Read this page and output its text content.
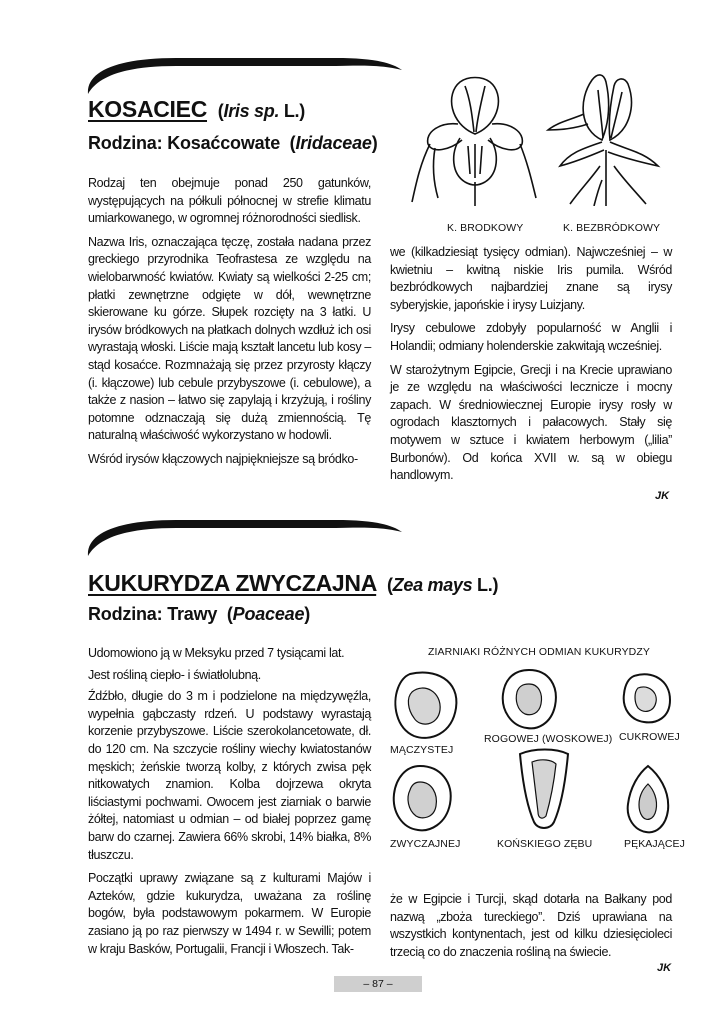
KOSACIEC  (Iris sp. L.)
Rodzina: Kosaćcowate  (Iridaceae)
K. BRODKOWY	K. BEZBRÓDKOWY

Rodzaj ten obejmuje ponad 250 gatunków, występujących na półkuli północnej w strefie klimatu umiarkowanego, w ogromnej różnorodności siedlisk.

Nazwa Iris, oznaczająca tęczę, została nadana przez greckiego przyrodnika Teofrastesa ze względu na wielobarwność kwiatów. Kwiaty są wielkości 2-25 cm; płatki zewnętrzne odgięte w dół, wewnętrzne skierowane ku górze. Słupek rozcięty na 3 łatki. U irysów bródkowych na płatkach dolnych wzdłuż ich osi wyrastają włoski. Liście mają kształt lancetu lub kosy – stąd kosaćce. Rozmnażają się przez przyrosty kłączy (i. kłączowe) lub cebule przybyszowe (i. cebulowe), a także z nasion – łatwo się zapylają i krzyżują, i rośliny potomne odznaczają się dużą zmiennością. Tę naturalną właściwość wykorzystano w hodowli.

Wśród irysów kłączowych najpiękniejsze są bródko-

we (kilkadziesiąt tysięcy odmian). Najwcześniej – w kwietniu – kwitną niskie Iris pumila. Wśród bezbródkowych najbardziej znane są irysy syberyjskie, japońskie i irysy Luizjany.

Irysy cebulowe zdobyły popularność w Anglii i Holandii; odmiany holenderskie zakwitają wcześniej.

W starożytnym Egipcie, Grecji i na Krecie uprawiano je ze względu na właściwości lecznicze i mocny zapach. W średniowiecznej Europie irysy rosły w ogrodach klasztornych i pałacowych. Stały się motywem w sztuce i kwiatem herbowym („lilia” Burbonów). Od końca XVII w. są w obiegu handlowym.

JK
KUKURYDZA ZWYCZAJNA  (Zea mays L.)
Rodzina: Trawy  (Poaceae)

Udomowiono ją w Meksyku przed 7 tysiącami lat.

Jest rośliną ciepło- i światłolubną.

Źdźbło, długie do 3 m i podzielone na międzywęźla, wypełnia gąbczasty rdzeń. U podstawy wyrastają korzenie przybyszowe. Liście szerokolancetowate, dł. do 120 cm. Na szczycie rośliny wiechy kwiatostanów męskich; żeńskie tworzą kolby, z których zwisa pęk nitkowatych znamion. Kolba dojrzewa okryta liściastymi pochwami. Owocem jest ziarniak o barwie żółtej, natomiast u odmian – od białej poprzez gamę barw do czarnej. Zawiera 66% skrobi, 14% białka, 8% tłuszczu.

Początki uprawy związane są z kulturami Majów i Azteków, gdzie kukurydza, uważana za roślinę bogów, była podstawowym pokarmem. W Europie zasiano ją po raz pierwszy w 1494 r. w Sewilli; potem w kraju Basków, Portugalii, Francji i Włoszech. Tak-

ZIARNIAKI RÓŻNYCH ODMIAN KUKURYDZY
MĄCZYSTEJ
ROGOWEJ (WOSKOWEJ) CUKROWEJ
ZWYCZAJNEJ	KOŃSKIEGO ZĘBU	PĘKAJĄCEJ

że w Egipcie i Turcji, skąd dotarła na Bałkany pod nazwą „zboża tureckiego”. Dziś uprawiana na wszystkich kontynentach, jest od kilku dziesięcioleci trzecią co do znaczenia rośliną na świecie.

JK
– 87 –
